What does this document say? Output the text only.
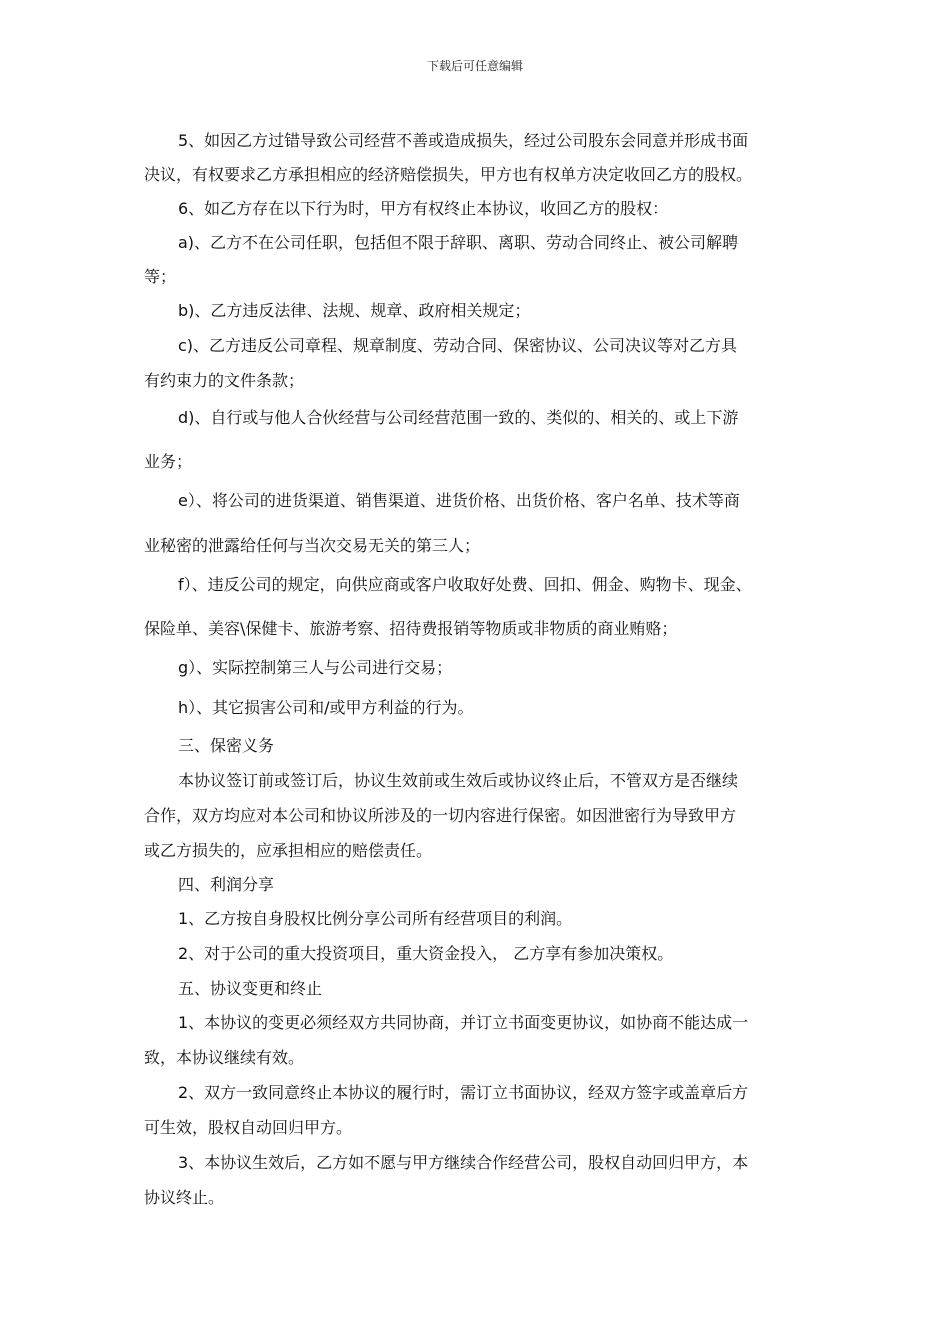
下载后可任意编辑
5、如因乙方过错导致公司经营不善或造成损失，经过公司股东会同意并形成书面
决议，有权要求乙方承担相应的经济赔偿损失，甲方也有权单方决定收回乙方的股权。
6、如乙方存在以下行为时，甲方有权终止本协议，收回乙方的股权：
a)、乙方不在公司任职，包括但不限于辞职、离职、劳动合同终止、被公司解聘
等；
b)、乙方违反法律、法规、规章、政府相关规定；
c)、乙方违反公司章程、规章制度、劳动合同、保密协议、公司决议等对乙方具
有约束力的文件条款；
d)、自行或与他人合伙经营与公司经营范围一致的、类似的、相关的、或上下游
业务；
e）、将公司的进货渠道、销售渠道、进货价格、出货价格、客户名单、技术等商
业秘密的泄露给任何与当次交易无关的第三人；
f）、违反公司的规定，向供应商或客户收取好处费、回扣、佣金、购物卡、现金、
保险单、美容\保健卡、旅游考察、招待费报销等物质或非物质的商业贿赂；
g）、实际控制第三人与公司进行交易；
h）、其它损害公司和/或甲方利益的行为。
三、保密义务
本协议签订前或签订后，协议生效前或生效后或协议终止后，不管双方是否继续
合作，双方均应对本公司和协议所涉及的一切内容进行保密。如因泄密行为导致甲方
或乙方损失的，应承担相应的赔偿责任。
四、利润分享
1、乙方按自身股权比例分享公司所有经营项目的利润。
2、对于公司的重大投资项目，重大资金投入， 乙方享有参加决策权。
五、协议变更和终止
1、本协议的变更必须经双方共同协商，并订立书面变更协议，如协商不能达成一
致，本协议继续有效。
2、双方一致同意终止本协议的履行时，需订立书面协议，经双方签字或盖章后方
可生效，股权自动回归甲方。
3、本协议生效后，乙方如不愿与甲方继续合作经营公司，股权自动回归甲方，本
协议终止。
